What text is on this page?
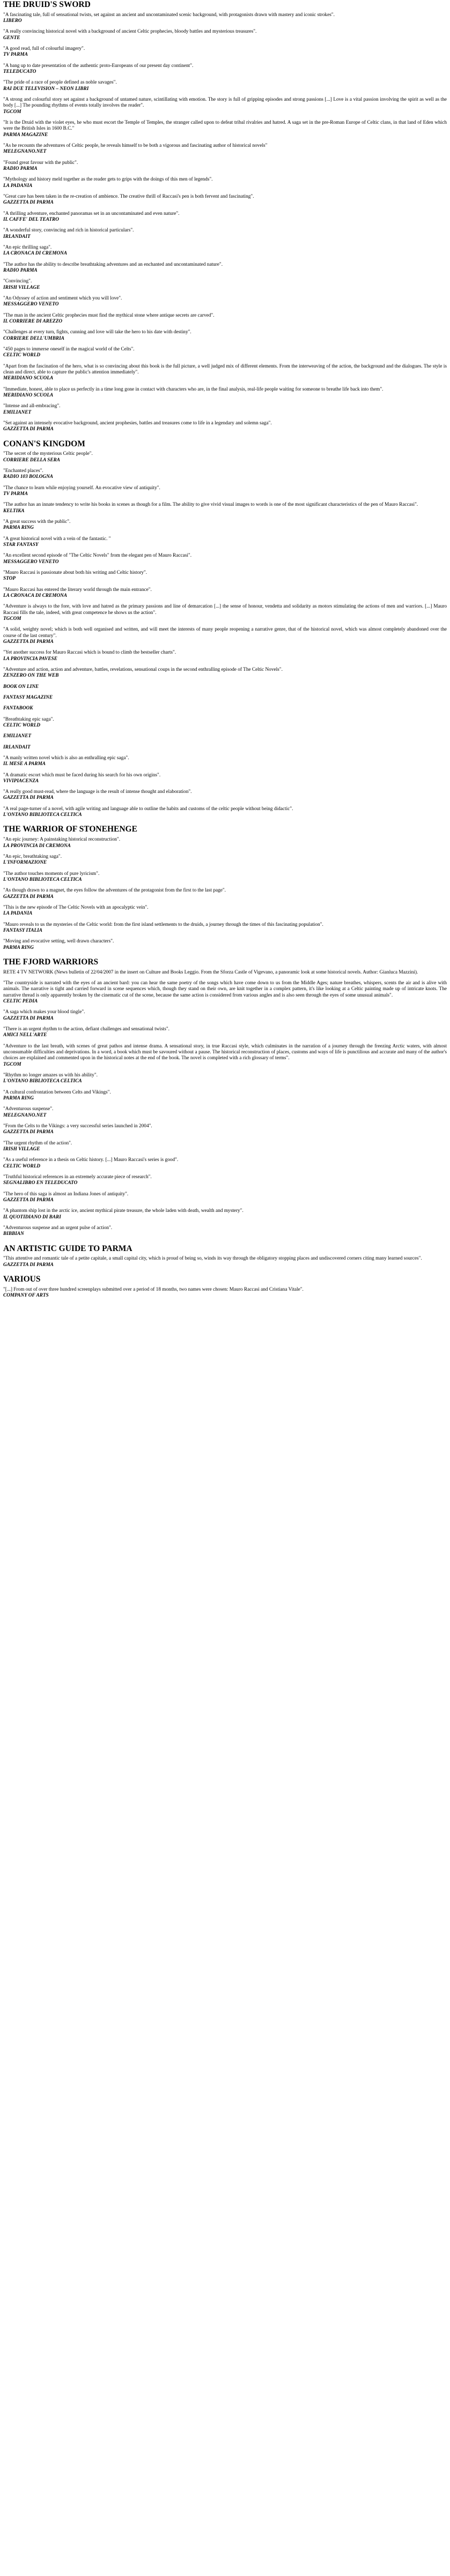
THE DRUID'S SWORD
"A fascinating tale, full of sensational twists, set against an ancient and uncontaminated scenic background, with protagonists drawn with mastery and iconic strokes".
LIBERO
"A really convincing historical novel with a background of ancient Celtic prophecies, bloody battles and mysterious treasures".
GENTE
"A good read, full of colourful imagery".
TV PARMA
"A bang up to date presentation of the authentic proto-Europeans of our present day continent".
TELEDUCATO
"The pride of a race of people defined as noble savages".
RAI DUE TELEVISION – NEON LIBRI
"A strong and colourful story set against a background of untamed nature, scintillating with emotion. The story is full of gripping episodes and strong passions [...] Love is a vital passion involving the spirit as well as the body [...] The pounding rhythms of events totally involves the reader".
TGCOM
"It is the Druid with the violet eyes, he who must escort the Temple of Temples, the stranger called upon to defeat tribal rivalries and hatred. A saga set in the pre-Roman Europe of Celtic clans, in that land of Eden which were the British Isles in 1600 B.C."
PARMA MAGAZINE
"As he recounts the adventures of Celtic people, he reveals himself to be both a vigorous and fascinating author of historical novels"
MELEGNANO.NET
"Found great favour with the public".
RADIO PARMA
"Mythology and history meld together as the reader gets to grips with the doings of this men of legends".
LA PADANIA
"Great care has been taken in the re-creation of ambience. The creative thrill of Raccasi's pen is both fervent and fascinating".
GAZZETTA DI PARMA
"A thrilling adventure, enchanted panoramas set in an uncontaminated and even nature".
IL CAFFE' DEL TEATRO
"A wonderful story, convincing and rich in historical particulars".
IRLANDAIT
"An epic thrilling saga".
LA CRONACA DI CREMONA
"The author has the ability to describe breathtaking adventures and an enchanted and uncontaminated nature".
RADIO PARMA
"Convincing".
IRISH VILLAGE
"An Odyssey of action and sentiment which you will love".
MESSAGGERO VENETO
"The man in the ancient Celtic prophecies must find the mythical stone where antique secrets are carved".
IL CORRIERE DI AREZZO
"Challenges at every turn, fights, cunning and love will take the hero to his date with destiny".
CORRIERE DELL'UMBRIA
"450 pages to immerse oneself in the magical world of the Celts".
CELTIC WORLD
"Apart from the fascination of the hero, what is so convincing about this book is the full picture, a well judged mix of different elements. From the interweaving of the action, the background and the dialogues. The style is clean and direct, able to capture the public's attention immediately".
MERIDIANO SCUOLA
"Immediate, honest, able to place us perfectly in a time long gone in contact with characters who are, in the final analysis, real-life people waiting for someone to breathe life back into them".
MERIDIANO SCUOLA
"Intense and all-embracing".
EMILIANET
"Set against an intensely evocative background, ancient prophesies, battles and treasures come to life in a legendary and solemn saga".
GAZZETTA DI PARMA
CONAN'S KINGDOM
"The secret of the mysterious Celtic people".
CORRIERE DELLA SERA
"Enchanted places".
RADIO 103 BOLOGNA
"The chance to learn while enjoying yourself. An evocative view of antiquity".
TV PARMA
"The author has an innate tendency to write his books in scenes as though for a film. The ability to give vivid visual images to words is one of the most significant characteristics of the pen of Mauro Raccasi".
KELTIKA
"A great success with the public".
PARMA RING
"A great historical novel with a vein of the fantastic. "
STAR FANTASY
"An excellent second episode of "The Celtic Novels" from the elegant pen of Mauro Raccasi".
MESSAGGERO VENETO
"Mauro Raccasi is passionate about both his writing and Celtic history".
STOP
"Mauro Raccasi has entered the literary world through the main entrance".
LA CRONACA DI CREMONA
"Adventure is always to the fore, with love and hatred as the primary passions and line of demarcation [...] the sense of honour, vendetta and solidarity as motors stimulating the actions of men and warriors. [...] Mauro Raccasi fills the tale, indeed, with great competence he shows us the action".
TGCOM
"A solid, weighty novel; which is both well organised and written, and will meet the interests of many people reopening a narrative genre, that of the historical novel, which was almost completely abandoned over the course of the last century".
GAZZETTA DI PARMA
"Yet another success for Mauro Raccasi which is bound to climb the bestseller charts".
LA PROVINCIA PAVESE
"Adventure and action, action and adventure, battles, revelations, sensational coups in the second enthralling episode of The Celtic Novels".
ZENZERO ON THE WEB
BOOK ON LINE
FANTASY MAGAZINE
FANTABOOK
"Breathtaking epic saga".
CELTIC WORLD
EMILIANET
IRLANDAIT
"A manly written novel which is also an enthralling epic saga".
IL MESE A PARMA
"A dramatic escort which must be faced during his search for his own origins".
VIVIPIACENZA
"A really good must-read, where the language is the result of intense thought and elaboration".
GAZZETTA DI PARMA
"A real page-turner of a novel, with agile writing and language able to outline the habits and customs of the celtic people without being didactic".
L'ONTANO BIBLIOTECA CELTICA
THE WARRIOR OF STONEHENGE
"An epic journey: A painstaking historical reconstruction".
LA PROVINCIA DI CREMONA
"An epic, breathtaking saga".
L'INFORMAZIONE
"The author touches moments of pure lyricism".
L'ONTANO BIBLIOTECA CELTICA
"As though drawn to a magnet, the eyes follow the adventures of the protagonist from the first to the last page".
GAZZETTA DI PARMA
"This is the new episode of The Celtic Novels with an apocalyptic vein".
LA PADANIA
"Mauro reveals to us the mysteries of the Celtic world: from the first island settlements to the druids, a journey through the times of this fascinating population".
FANTASY ITALIA
"Moving and evocative setting, well drawn characters".
PARMA RING
THE FJORD WARRIORS
RETE 4 TV NETWORK (News bulletin of 22/04/2007 in the insert on Culture and Books Leggio. From the Sforza Castle of Vigevano, a panoramic look at some historical novels. Author: Gianluca Mazzini).
"The countryside is narrated with the eyes of an ancient bard: you can hear the same poetry of the songs which have come down to us from the Middle Ages; nature breathes, whispers, scents the air and is alive with animals. The narrative is tight and carried forward in scene sequences which, though they stand on their own, are knit together in a complex pattern, it's like looking at a Celtic painting made up of intricate knots. The narrative thread is only apparently broken by the cinematic cut of the scene, because the same action is considered from various angles and is also seen through the eyes of some unusual animals".
CELTIC PEDIA
"A saga which makes your blood tingle".
GAZZETTA DI PARMA
"There is an urgent rhythm to the action, defiant challenges and sensational twists".
AMICI NELL'ARTE
"Adventure to the last breath, with scenes of great pathos and intense drama. A sensational story, in true Raccasi style, which culminates in the narration of a journey through the freezing Arctic waters, with almost unconsumable difficulties and deprivations. In a word, a book which must be savoured without a pause. The historical reconstruction of places, customs and ways of life is punctilious and accurate and many of the author's choices are explained and commented upon in the historical notes at the end of the book. The novel is completed with a rich glossary of terms".
TGCOM
"Rhythm no longer amazes us with his ability".
L'ONTANO BIBLIOTECA CELTICA
"A cultural confrontation between Celts and Vikings".
PARMA RING
"Adventurous suspense".
MELEGNANO.NET
"From the Celts to the Vikings: a very successful series launched in 2004".
GAZZETTA DI PARMA
"The urgent rhythm of the action".
IRISH VILLAGE
"As a useful reference in a thesis on Celtic history. [...] Mauro Raccasi's series is good".
CELTIC WORLD
"Truthful historical references in an extremely accurate piece of research".
SEGNALIBRO EN TELEDUCATO
"The hero of this saga is almost an Indiana Jones of antiquity".
GAZZETTA DI PARMA
"A phantom ship lost in the arctic ice, ancient mythical pirate treasure, the whole laden with death, wealth and mystery".
IL QUOTIDIANO DI BARI
"Adventurous suspense and an urgent pulse of action".
BIBBIAN
AN ARTISTIC GUIDE TO PARMA
"This attentive and romantic tale of a petite capitale, a small capital city, which is proud of being so, winds its way through the obligatory stopping places and undiscovered corners citing many learned sources".
GAZZETTA DI PARMA
VARIOUS
"[...] From out of over three hundred screenplays submitted over a period of 18 months, two names were chosen: Mauro Raccasi and Cristiana Vitale".
COMPANY OF ARTS
